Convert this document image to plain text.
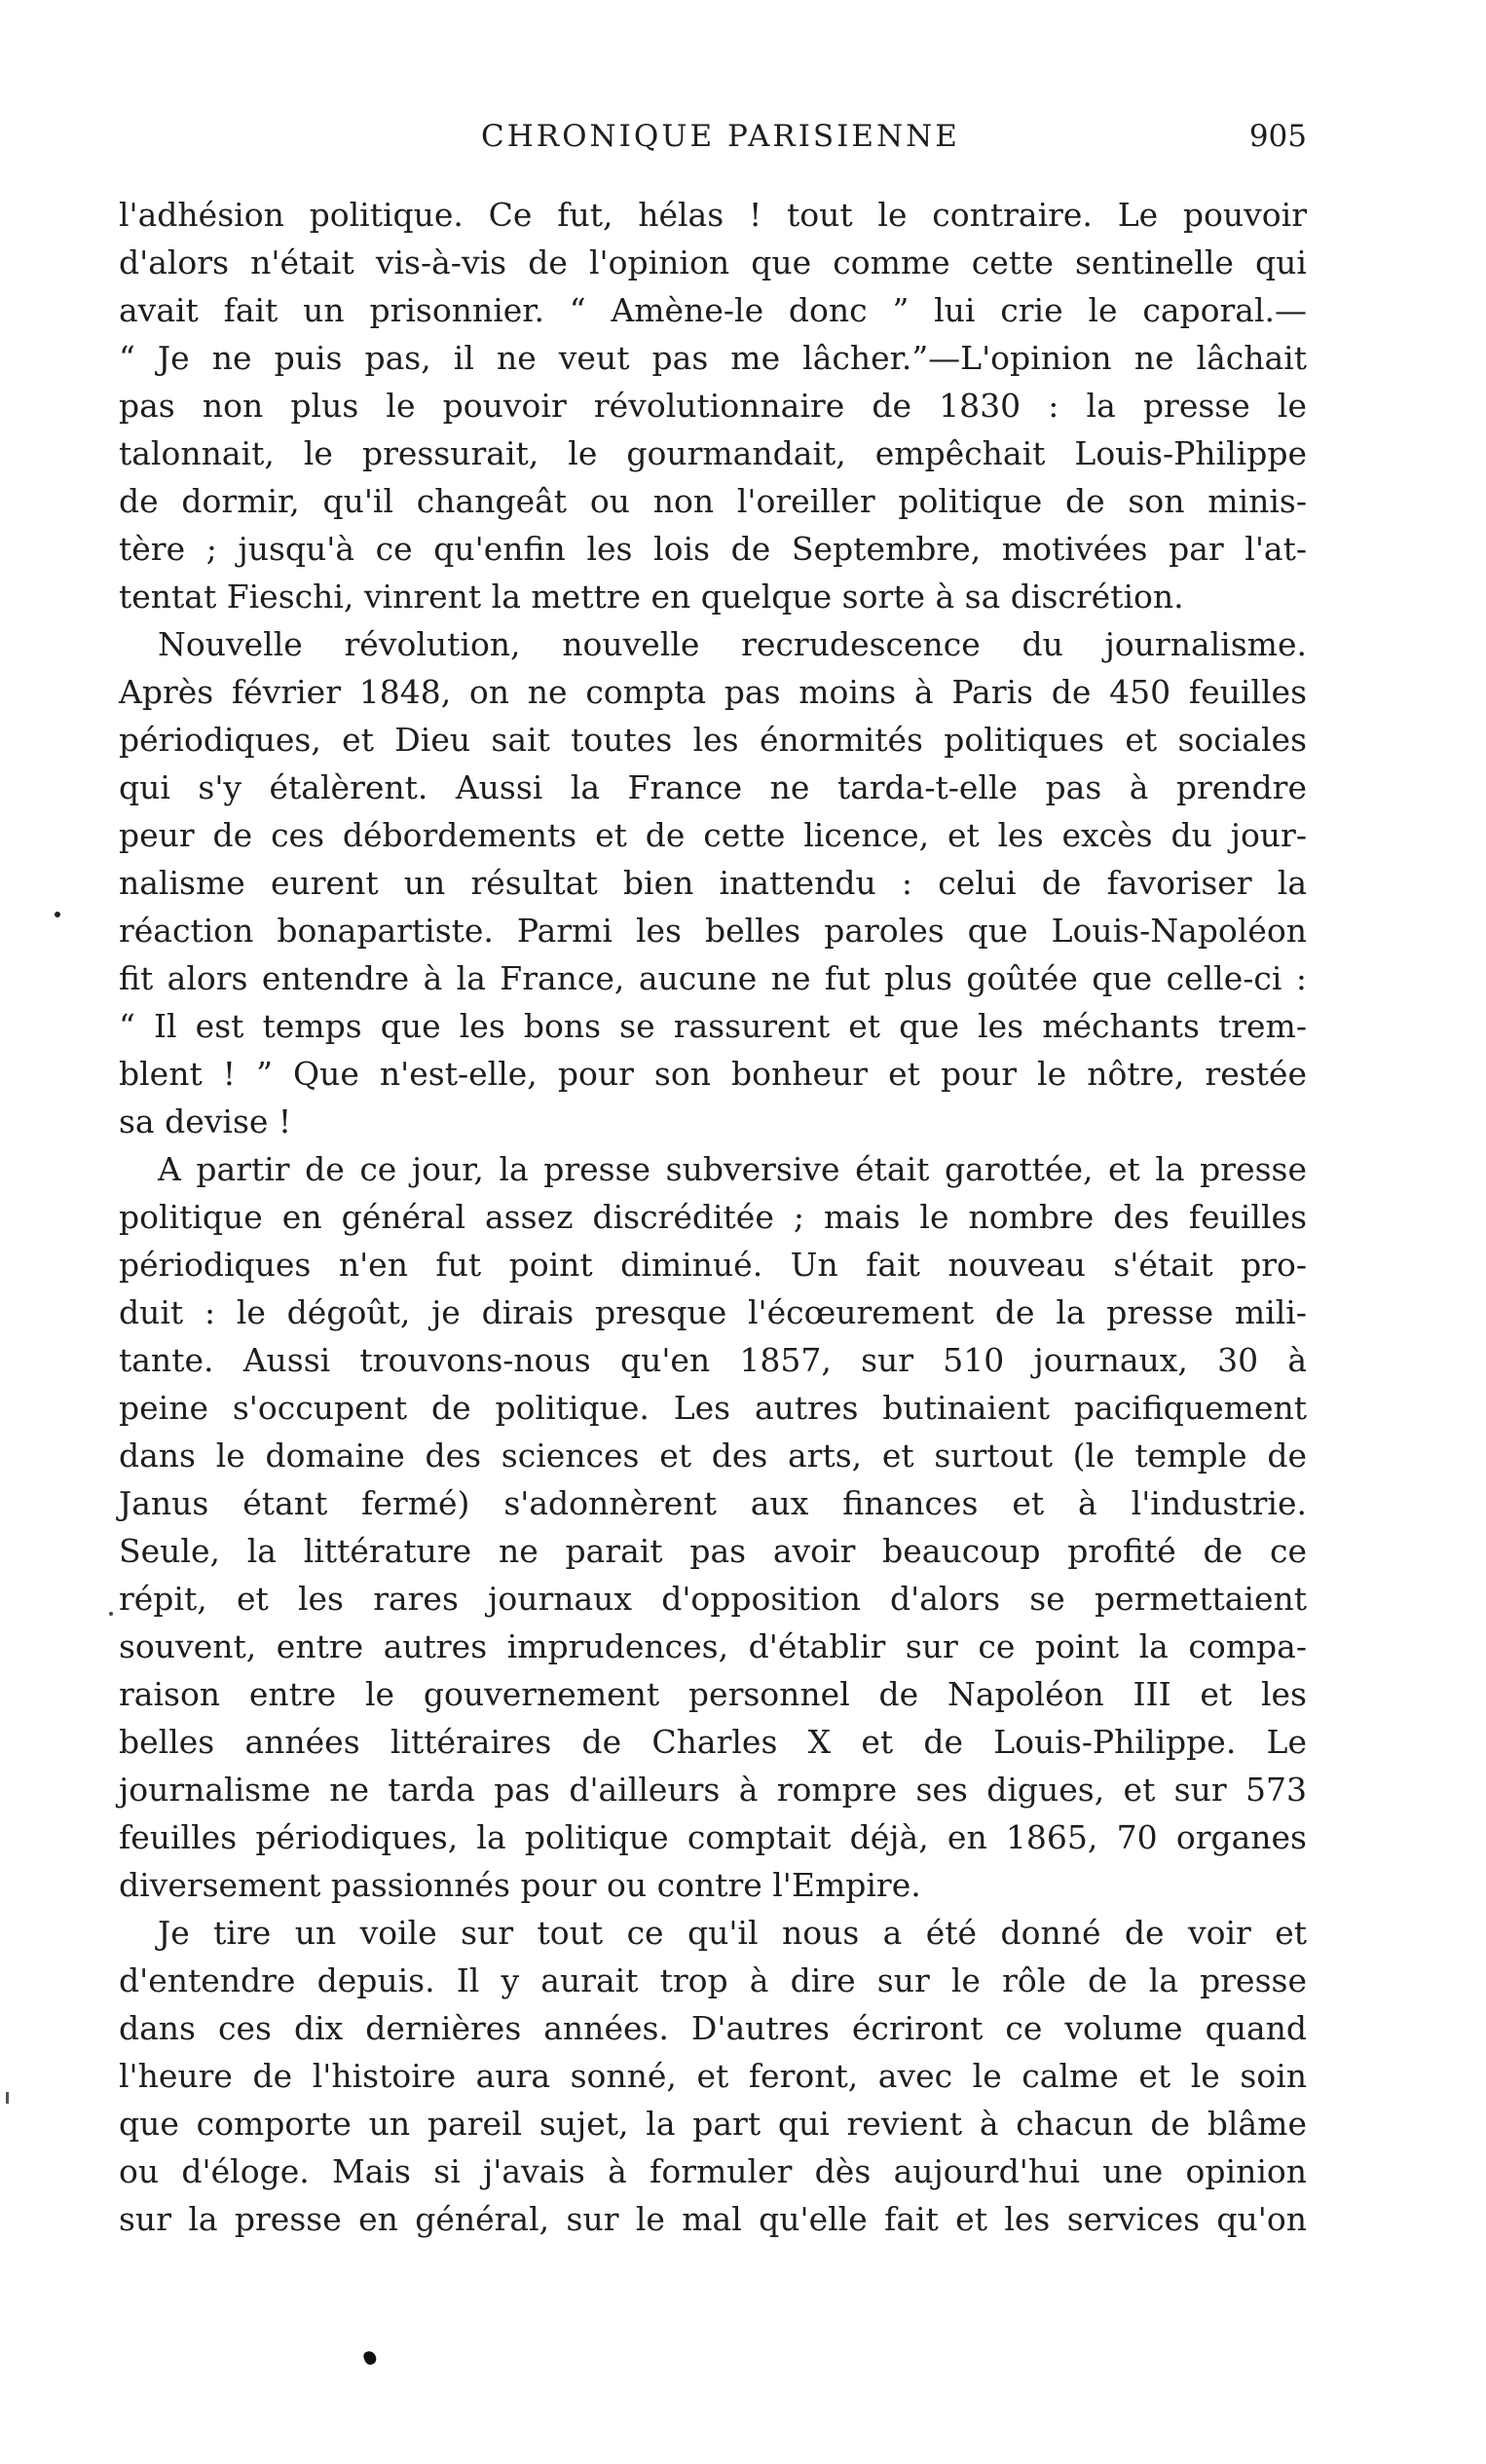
CHRONIQUE PARISIENNE	905
l'adhésion politique. Ce fut, hélas ! tout le contraire. Le pouvoir
d'alors n'était vis-à-vis de l'opinion que comme cette sentinelle qui
avait fait un prisonnier. “ Amène-le donc ” lui crie le caporal.—
“ Je ne puis pas, il ne veut pas me lâcher.”—L'opinion ne lâchait
pas non plus le pouvoir révolutionnaire de 1830 : la presse le
talonnait, le pressurait, le gourmandait, empêchait Louis-Philippe
de dormir, qu'il changeât ou non l'oreiller politique de son minis-
tère ; jusqu'à ce qu'enfin les lois de Septembre, motivées par l'at-
tentat Fieschi, vinrent la mettre en quelque sorte à sa discrétion.
Nouvelle révolution, nouvelle recrudescence du journalisme.
Après février 1848, on ne compta pas moins à Paris de 450 feuilles
périodiques, et Dieu sait toutes les énormités politiques et sociales
qui s'y étalèrent. Aussi la France ne tarda-t-elle pas à prendre
peur de ces débordements et de cette licence, et les excès du jour-
nalisme eurent un résultat bien inattendu : celui de favoriser la
réaction bonapartiste. Parmi les belles paroles que Louis-Napoléon
fit alors entendre à la France, aucune ne fut plus goûtée que celle-ci :
“ Il est temps que les bons se rassurent et que les méchants trem-
blent ! ” Que n'est-elle, pour son bonheur et pour le nôtre, restée
sa devise !
A partir de ce jour, la presse subversive était garottée, et la presse
politique en général assez discréditée ; mais le nombre des feuilles
périodiques n'en fut point diminué. Un fait nouveau s'était pro-
duit : le dégoût, je dirais presque l'écœurement de la presse mili-
tante. Aussi trouvons-nous qu'en 1857, sur 510 journaux, 30 à
peine s'occupent de politique. Les autres butinaient pacifiquement
dans le domaine des sciences et des arts, et surtout (le temple de
Janus étant fermé) s'adonnèrent aux finances et à l'industrie.
Seule, la littérature ne parait pas avoir beaucoup profité de ce
répit, et les rares journaux d'opposition d'alors se permettaient
souvent, entre autres imprudences, d'établir sur ce point la compa-
raison entre le gouvernement personnel de Napoléon III et les
belles années littéraires de Charles X et de Louis-Philippe. Le
journalisme ne tarda pas d'ailleurs à rompre ses digues, et sur 573
feuilles périodiques, la politique comptait déjà, en 1865, 70 organes
diversement passionnés pour ou contre l'Empire.
Je tire un voile sur tout ce qu'il nous a été donné de voir et
d'entendre depuis. Il y aurait trop à dire sur le rôle de la presse
dans ces dix dernières années. D'autres écriront ce volume quand
l'heure de l'histoire aura sonné, et feront, avec le calme et le soin
que comporte un pareil sujet, la part qui revient à chacun de blâme
ou d'éloge. Mais si j'avais à formuler dès aujourd'hui une opinion
sur la presse en général, sur le mal qu'elle fait et les services qu'on
